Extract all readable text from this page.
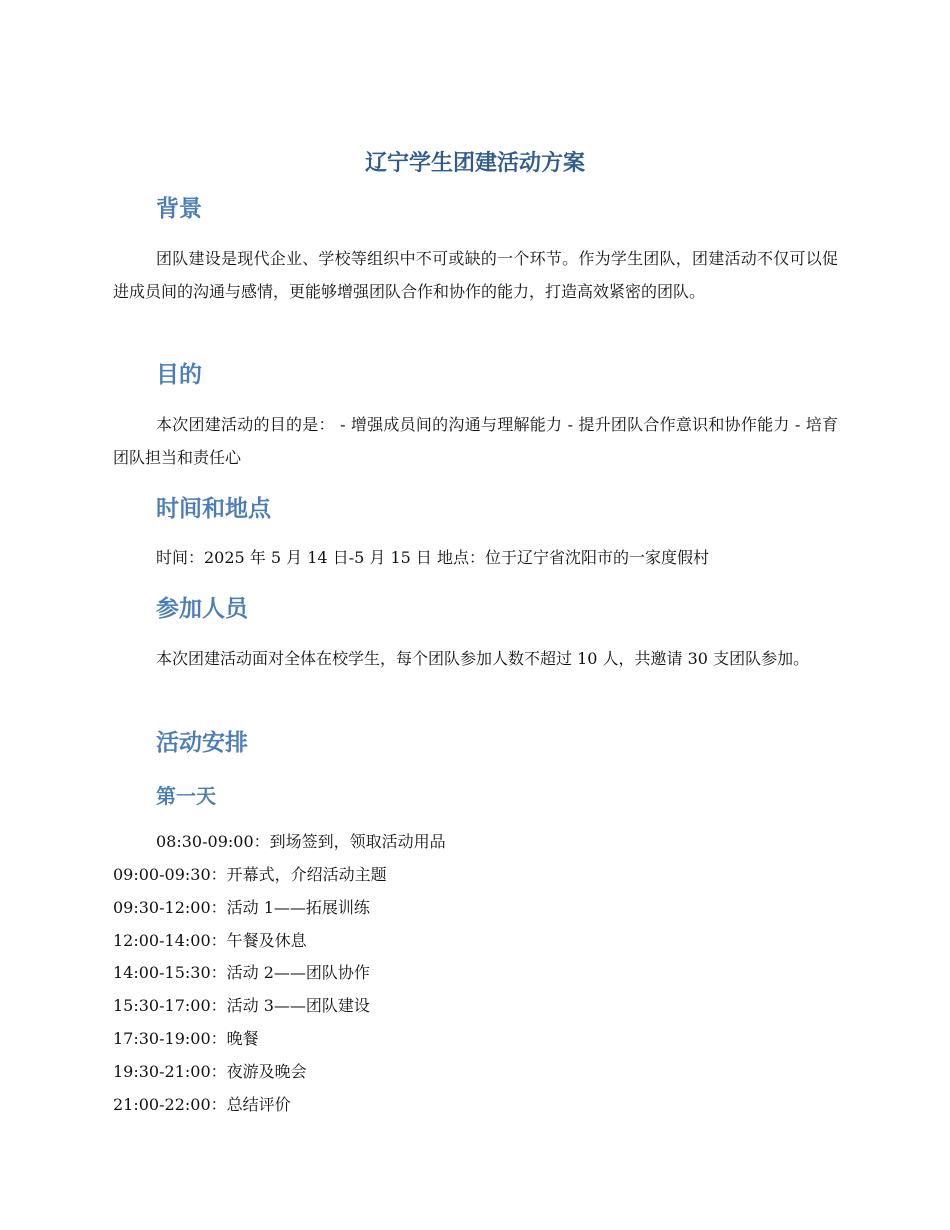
辽宁学生团建活动方案
背景

团队建设是现代企业、学校等组织中不可或缺的一个环节。作为学生团队，团建活动不仅可以促进成员间的沟通与感情，更能够增强团队合作和协作的能力，打造高效紧密的团队。

目的

本次团建活动的目的是： - 增强成员间的沟通与理解能力 - 提升团队合作意识和协作能力 - 培育团队担当和责任心

时间和地点

时间：2025 年 5 月 14 日-5 月 15 日 地点：位于辽宁省沈阳市的一家度假村

参加人员

本次团建活动面对全体在校学生，每个团队参加人数不超过 10 人，共邀请 30 支团队参加。

活动安排
第一天

08:30-09:00：到场签到，领取活动用品

09:00-09:30：开幕式，介绍活动主题

09:30-12:00：活动 1——拓展训练

12:00-14:00：午餐及休息

14:00-15:30：活动 2——团队协作

15:30-17:00：活动 3——团队建设

17:30-19:00：晚餐

19:30-21:00：夜游及晚会

21:00-22:00：总结评价
